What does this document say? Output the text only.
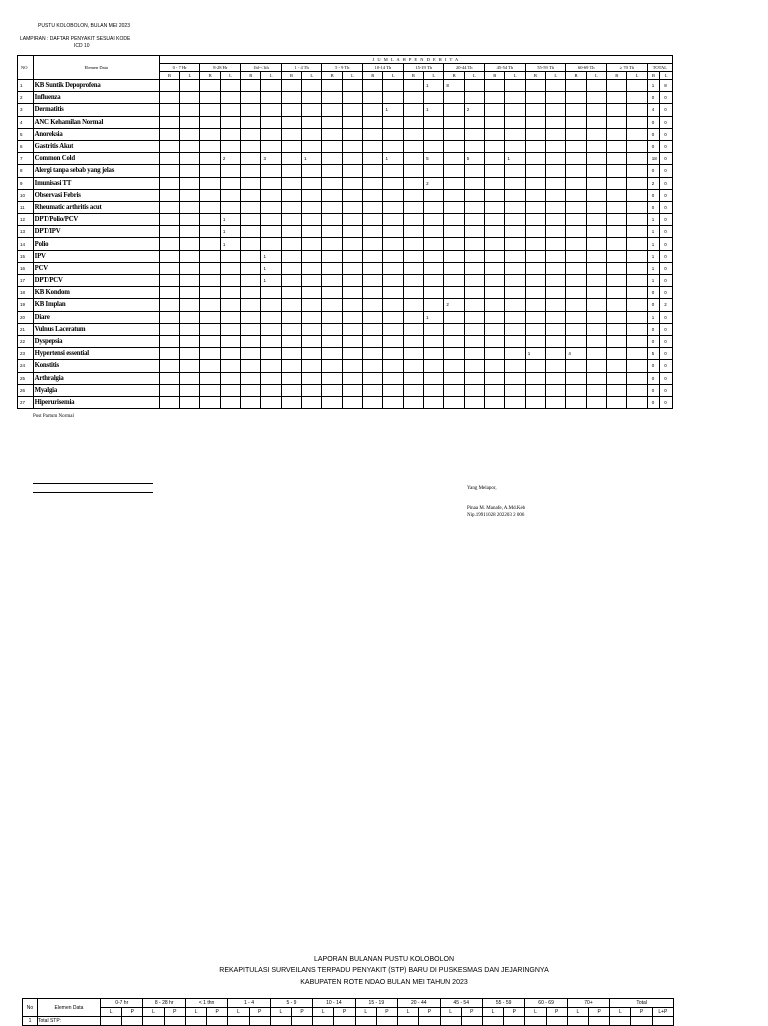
PUSTU KOLOBOLON, BULAN MEI 2023
LAMPIRAN : DAFTAR PENYAKIT SESUAI KODE
ICD 10
NO	Elemen Data	J U M L A H P E N D E R I T A																									
		0 - 7 Hr		8-28 Hr		1bl-<1th		1 - 4 Th		5 - 9 Th		10-14 Th		15-19 Th		20-44 Th		45-54 Th		55-59 Th		60-69 Th		≥ 70 Th		TOTAL	
		B	L	B	L	B	L	B	L	B	L	B	L	B	L	B	L	B	L	B	L	B	L	B	L	B	L
1	KB Suntik Depoprofena														1	8										1	8
2	Influenza																									0	0
3	Dermatitis												1		1		2									4	0
4	ANC Kehamilan Normal																									0	0
5	Anoreksia																									0	0
6	Gastritis Akut																									0	0
7	Common Cold				2		3		1				1		5		5		1							18	0
8	Alergi tanpa sebab yang jelas																									0	0
9	Imunisasi TT														2											2	0
10	Observasi Febris																									0	0
11	Rheumatic arthritis acut																									0	0
12	DPT/Polio/PCV				1																					1	0
13	DPT/IPV				1																					1	0
14	Polio				1																					1	0
15	IPV						1																			1	0
16	PCV						1																			1	0
17	DPT/PCV						1																			1	0
18	KB Kondom																									0	0
19	KB Implan															2										0	2
20	Diare														1											1	0
21	Vulnus Laceratum																									0	0
22	Dyspepsia																									0	0
23	Hypertensi essential																			1		4				5	0
24	Konstitis																									0	0
25	Arthralgia																									0	0
26	Myalgia																									0	0
27	Hiperurisemia																									0	0
Post Partum Normal
Yang Melapor,
Pinaa M. Manafe, A.Md.Keb
Nip.19911028 202203 2 006
LAPORAN BULANAN PUSTU KOLOBOLON
REKAPITULASI SURVEILANS TERPADU PENYAKIT (STP) BARU DI PUSKESMAS DAN JEJARINGNYA
KABUPATEN ROTE NDAO BULAN MEI TAHUN 2023
No	Elemen Data	0-7 hr		8 - 28 hr		< 1 thn		1 - 4		5 - 9		10 - 14		15 - 19		20 - 44		45 - 54		55 - 59		60 - 69		70+		Total		
		L	P	L	P	L	P	L	P	L	P	L	P	L	P	L	P	L	P	L	P	L	P	L	P	L	P	L+P
1	Total STP:																											
